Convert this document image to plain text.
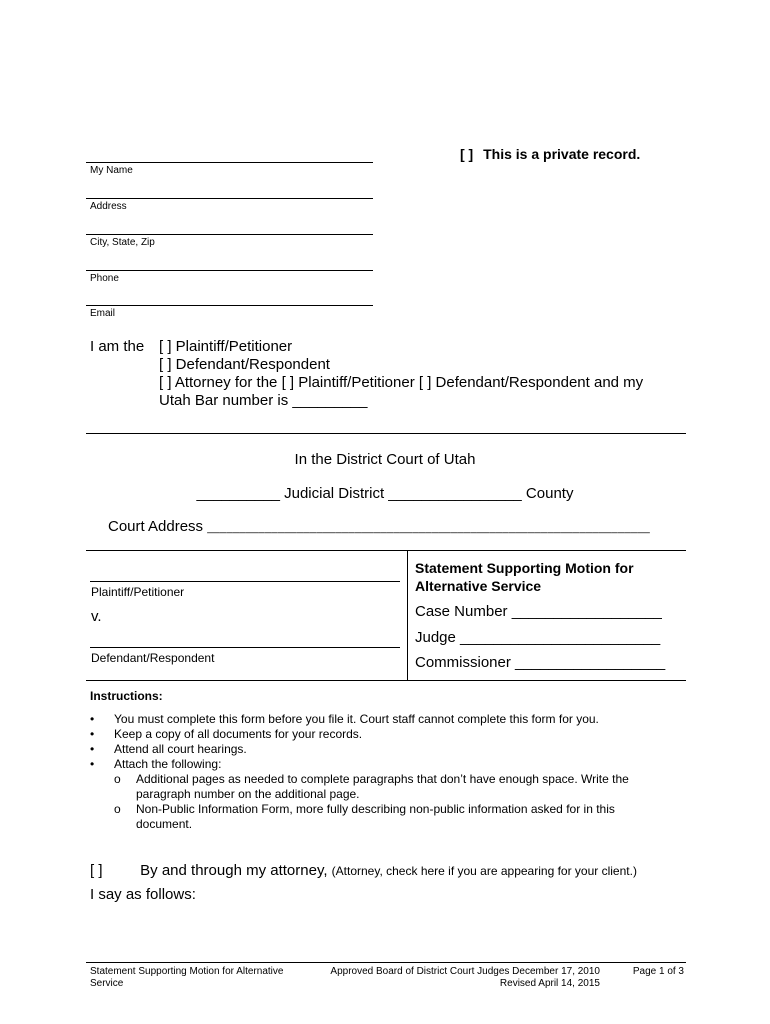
[ ] This is a private record.
My Name
Address
City, State, Zip
Phone
Email
I am the [ ] Plaintiff/Petitioner
[ ] Defendant/Respondent
[ ] Attorney for the [ ] Plaintiff/Petitioner [ ] Defendant/Respondent and my
Utah Bar number is _________
In the District Court of Utah
__________ Judicial District ________________ County
Court Address _____________________________________________________________________
Plaintiff/Petitioner
v.
Defendant/Respondent
Statement Supporting Motion for
Alternative Service
Case Number __________________
Judge ________________________
Commissioner __________________
Instructions:
• You must complete this form before you file it. Court staff cannot complete this form for you.
• Keep a copy of all documents for your records.
• Attend all court hearings.
• Attach the following:
o Additional pages as needed to complete paragraphs that don’t have enough space. Write the
paragraph number on the additional page.
o Non-Public Information Form, more fully describing non-public information asked for in this
document.
[ ]	By and through my attorney, (Attorney, check here if you are appearing for your client.)
I say as follows:
Statement Supporting Motion for Alternative
Service
Approved Board of District Court Judges December 17, 2010
Revised April 14, 2015
Page 1 of 3
